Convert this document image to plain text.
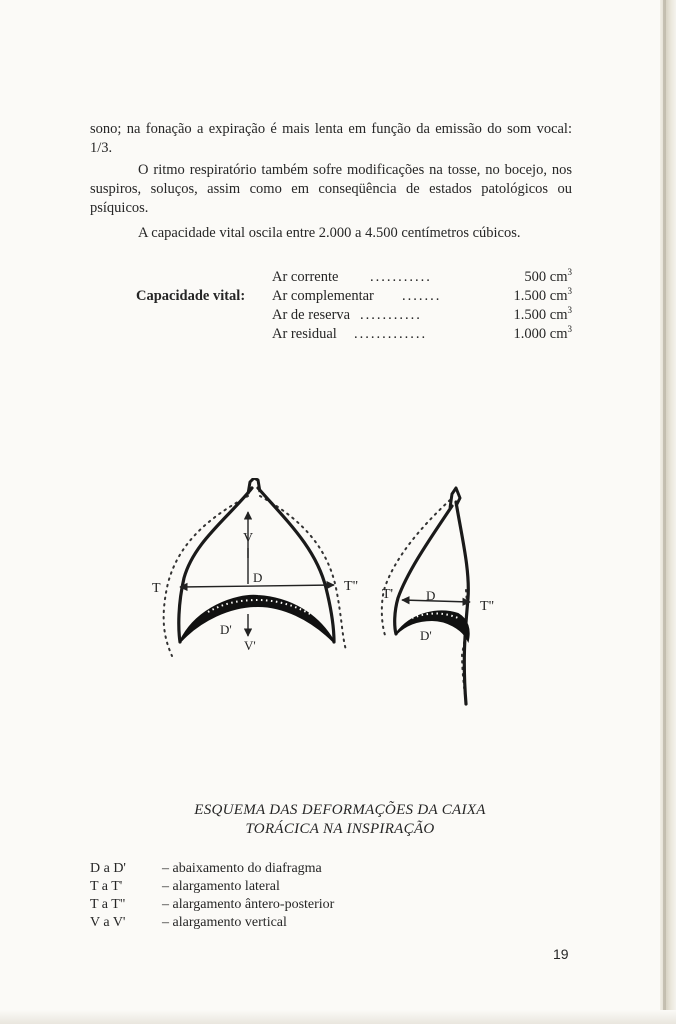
sono; na fonação a expiração é mais lenta em função da emissão do som vocal: 1/3.

O ritmo respiratório também sofre modificações na tosse, no bocejo, nos suspiros, soluços, assim como em conseqüência de estados patológicos ou psíquicos.

A capacidade vital oscila entre 2.000 a 4.500 centímetros cúbicos.

Capacidade vital:
Ar corrente ...........	500 $cm^3$
Ar complementar .......	1.500 $cm^3$
Ar de reserva ...........	1.500 $cm^3$
Ar residual .............	1.000 $cm^3$
V
D
T	T"
D'
V'
T'	D
T"
D'
ESQUEMA DAS DEFORMAÇÕES DA CAIXA
TORÁCICA NA INSPIRAÇÃO
D a D'	– abaixamento do diafragma
T a T'	– alargamento lateral
T a T"	– alargamento ântero-posterior
V a V'	– alargamento vertical
19
